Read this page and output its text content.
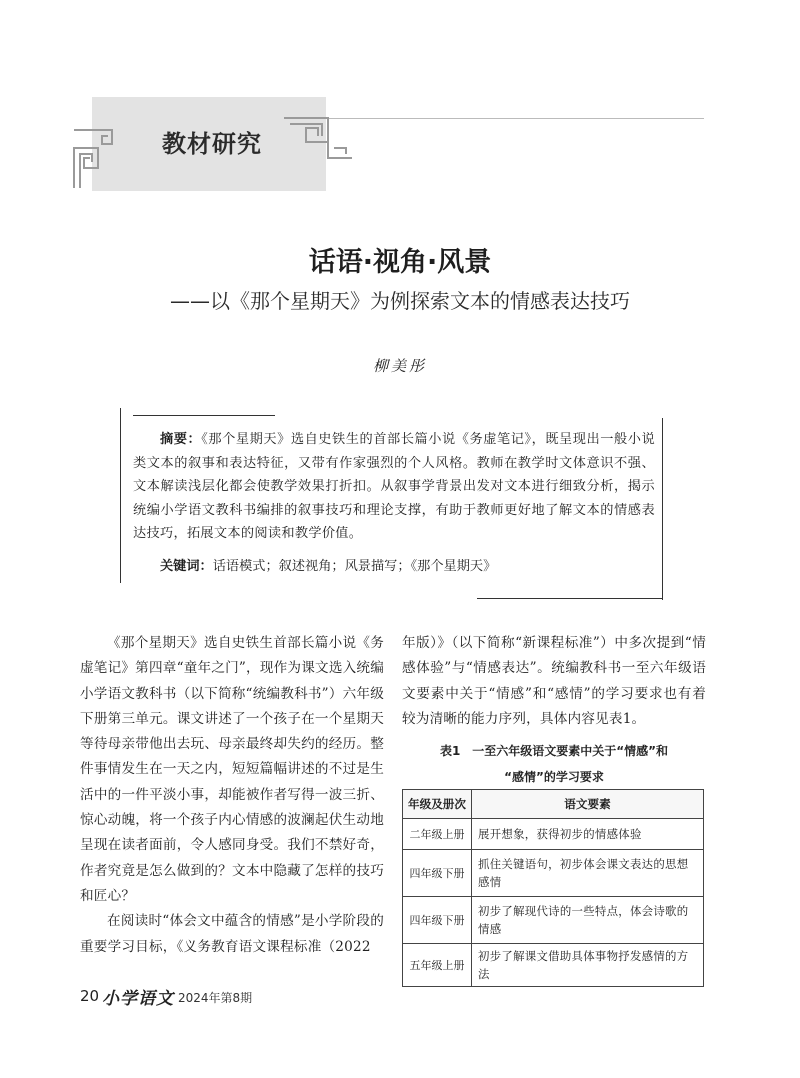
教材研究
话语·视角·风景
——以《那个星期天》为例探索文本的情感表达技巧
柳美彤
摘要：《那个星期天》选自史铁生的首部长篇小说《务虚笔记》，既呈现出一般小说类文本的叙事和表达特征，又带有作家强烈的个人风格。教师在教学时文体意识不强、文本解读浅层化都会使教学效果打折扣。从叙事学背景出发对文本进行细致分析，揭示统编小学语文教科书编排的叙事技巧和理论支撑，有助于教师更好地了解文本的情感表达技巧，拓展文本的阅读和教学价值。
关键词：话语模式；叙述视角；风景描写；《那个星期天》

《那个星期天》选自史铁生首部长篇小说《务虚笔记》第四章“童年之门”，现作为课文选入统编小学语文教科书（以下简称“统编教科书”）六年级下册第三单元。课文讲述了一个孩子在一个星期天等待母亲带他出去玩、母亲最终却失约的经历。整件事情发生在一天之内，短短篇幅讲述的不过是生活中的一件平淡小事，却能被作者写得一波三折、惊心动魄，将一个孩子内心情感的波澜起伏生动地呈现在读者面前，令人感同身受。我们不禁好奇，作者究竟是怎么做到的？文本中隐藏了怎样的技巧和匠心？

在阅读时“体会文中蕴含的情感”是小学阶段的重要学习目标，《义务教育语文课程标准（2022

年版）》（以下简称“新课程标准”）中多次提到“情感体验”与“情感表达”。统编教科书一至六年级语文要素中关于“情感”和“感情”的学习要求也有着较为清晰的能力序列，具体内容见表1。

表1　一至六年级语文要素中关于“情感”和
“感情”的学习要求
年级及册次	语文要素
二年级上册	展开想象，获得初步的情感体验
四年级下册	抓住关键语句，初步体会课文表达的思想感情
四年级下册	初步了解现代诗的一些特点，体会诗歌的情感
五年级上册	初步了解课文借助具体事物抒发感情的方法
20 小学语文 2024年第8期
